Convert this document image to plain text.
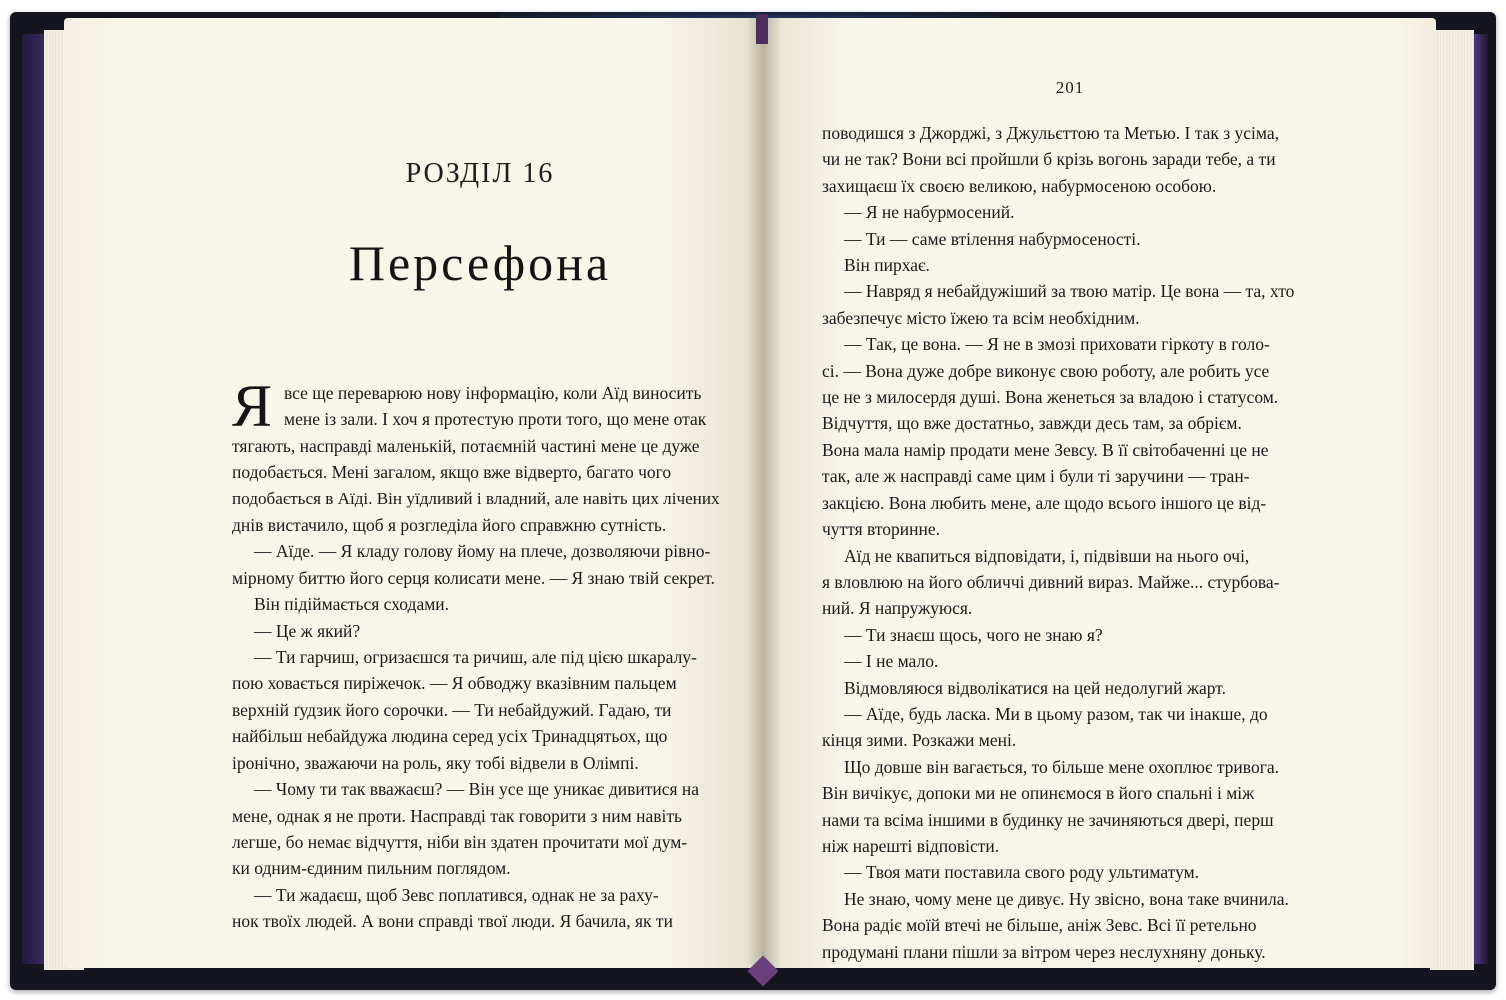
РОЗДІЛ 16
Персефона
Я все ще переварюю нову інформацію, коли Аїд виносить
мене із зали. І хоч я протестую проти того, що мене отак
тягають, насправді маленькій, потаємній частині мене це дуже
подобається. Мені загалом, якщо вже відверто, багато чого
подобається в Аїді. Він уїдливий і владний, але навіть цих лічених
днів вистачило, щоб я розгледіла його справжню сутність.
— Аїде. — Я кладу голову йому на плече, дозволяючи рівно-
мірному биттю його серця колисати мене. — Я знаю твій секрет.
Він підіймається сходами.
— Це ж який?
— Ти гарчиш, огризаєшся та ричиш, але під цією шкаралу-
пою ховається пиріжечок. — Я обводжу вказівним пальцем
верхній ґудзик його сорочки. — Ти небайдужий. Гадаю, ти
найбільш небайдужа людина серед усіх Тринадцятьох, що
іронічно, зважаючи на роль, яку тобі відвели в Олімпі.
— Чому ти так вважаєш? — Він усе ще уникає дивитися на
мене, однак я не проти. Насправді так говорити з ним навіть
легше, бо немає відчуття, ніби він здатен прочитати мої дум-
ки одним-єдиним пильним поглядом.
— Ти жадаєш, щоб Зевс поплатився, однак не за раху-
нок твоїх людей. А вони справді твої люди. Я бачила, як ти
201
поводишся з Джорджі, з Джульєттою та Метью. І так з усіма,
чи не так? Вони всі пройшли б крізь вогонь заради тебе, а ти
захищаєш їх своєю великою, набурмосеною особою.
— Я не набурмосений.
— Ти — саме втілення набурмосеності.
Він пирхає.
— Навряд я небайдужіший за твою матір. Це вона — та, хто
забезпечує місто їжею та всім необхідним.
— Так, це вона. — Я не в змозі приховати гіркоту в голо-
сі. — Вона дуже добре виконує свою роботу, але робить усе
це не з милосердя душі. Вона женеться за владою і статусом.
Відчуття, що вже достатньо, завжди десь там, за обрієм.
Вона мала намір продати мене Зевсу. В її світобаченні це не
так, але ж насправді саме цим і були ті заручини — тран-
закцією. Вона любить мене, але щодо всього іншого це від-
чуття вторинне.
Аїд не квапиться відповідати, і, підвівши на нього очі,
я вловлюю на його обличчі дивний вираз. Майже... стурбова-
ний. Я напружуюся.
— Ти знаєш щось, чого не знаю я?
— І не мало.
Відмовляюся відволікатися на цей недолугий жарт.
— Аїде, будь ласка. Ми в цьому разом, так чи інакше, до
кінця зими. Розкажи мені.
Що довше він вагається, то більше мене охоплює тривога.
Він вичікує, допоки ми не опинємося в його спальні і між
нами та всіма іншими в будинку не зачиняються двері, перш
ніж нарешті відповісти.
— Твоя мати поставила свого роду ультиматум.
Не знаю, чому мене це дивує. Ну звісно, вона таке вчинила.
Вона радіє моїй втечі не більше, аніж Зевс. Всі її ретельно
продумані плани пішли за вітром через неслухняну доньку.
